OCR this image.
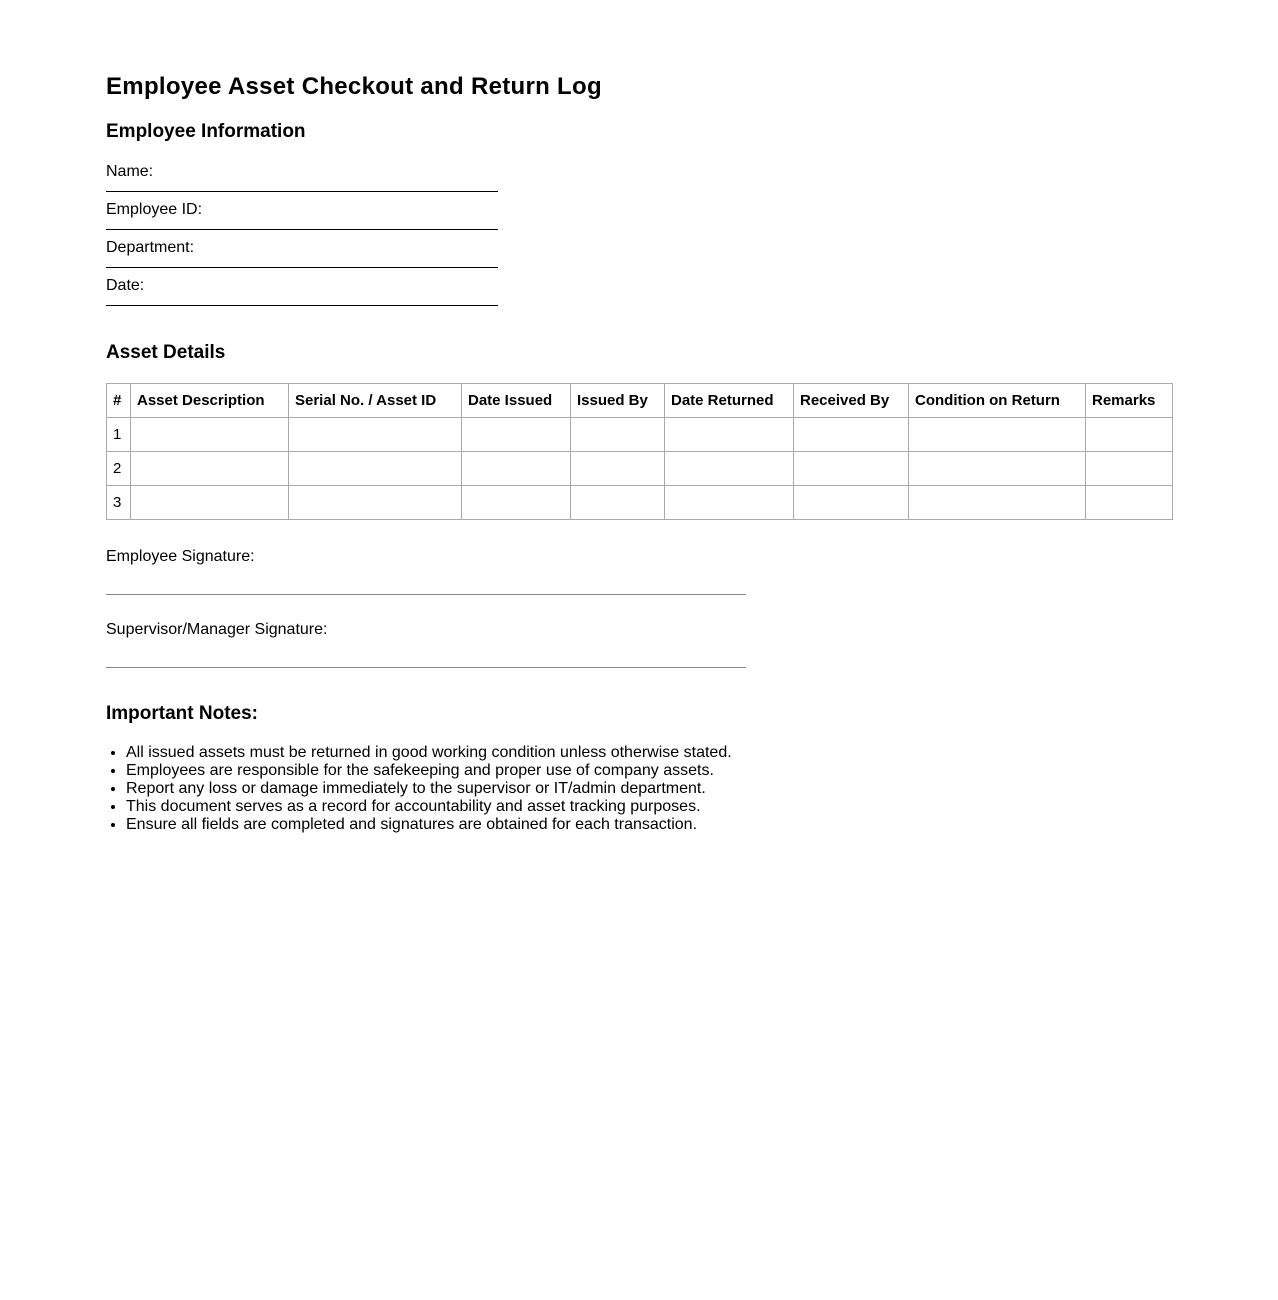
Employee Asset Checkout and Return Log
Employee Information
Name:
Employee ID:
Department:
Date:
Asset Details
#	Asset Description	Serial No. / Asset ID	Date Issued	Issued By	Date Returned	Received By	Condition on Return	Remarks
1								
2								
3								
Employee Signature:
Supervisor/Manager Signature:
Important Notes:
• All issued assets must be returned in good working condition unless otherwise stated.
• Employees are responsible for the safekeeping and proper use of company assets.
• Report any loss or damage immediately to the supervisor or IT/admin department.
• This document serves as a record for accountability and asset tracking purposes.
• Ensure all fields are completed and signatures are obtained for each transaction.
